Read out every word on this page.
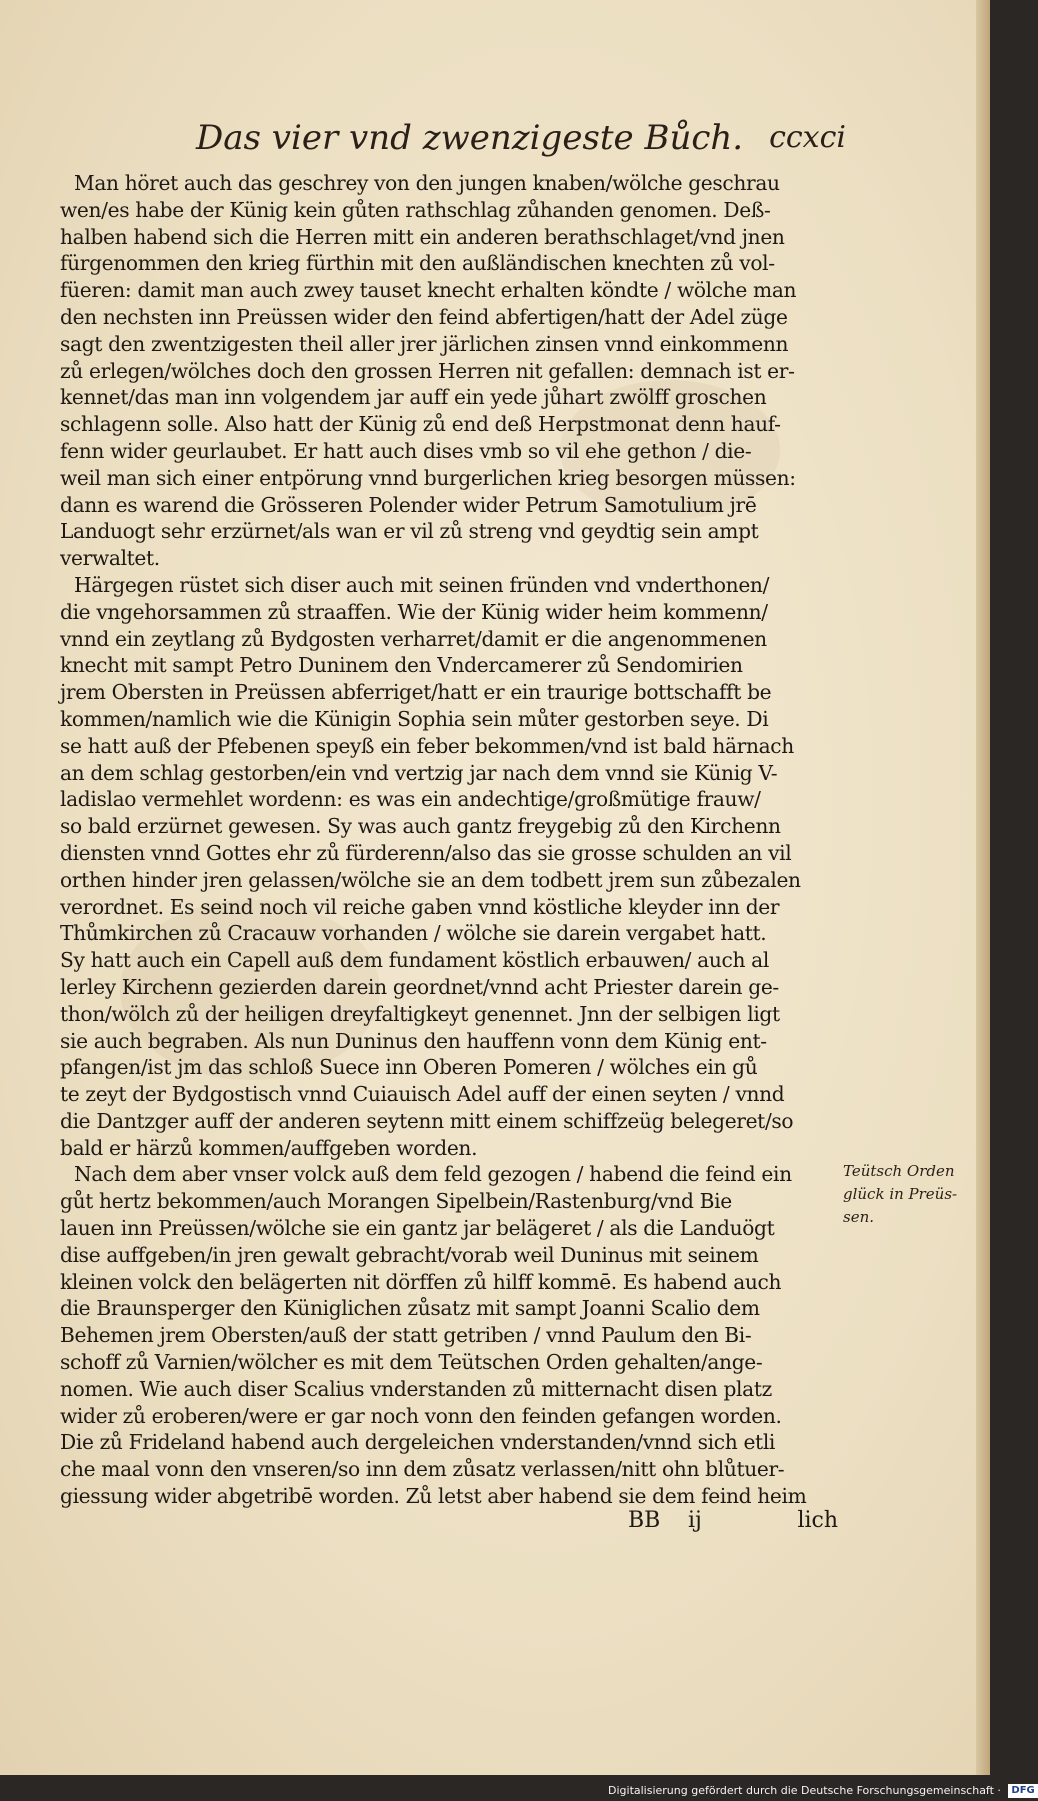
Das vier vnd zwenzigeste Bůch. ccxci
Man höret auch das geschrey von den jungen knaben/wölche geschrau
wen/es habe der Künig kein gůten rathschlag zůhanden genomen. Deß-
halben habend sich die Herren mitt ein anderen berathschlaget/vnd jnen
fürgenommen den krieg fürthin mit den außländischen knechten zů vol-
füeren: damit man auch zwey tauset knecht erhalten köndte / wölche man
den nechsten inn Preüssen wider den feind abfertigen/hatt der Adel züge
sagt den zwentzigesten theil aller jrer järlichen zinsen vnnd einkommenn
zů erlegen/wölches doch den grossen Herren nit gefallen: demnach ist er-
kennet/das man inn volgendem jar auff ein yede jůhart zwölff groschen
schlagenn solle. Also hatt der Künig zů end deß Herpstmonat denn hauf-
fenn wider geurlaubet. Er hatt auch dises vmb so vil ehe gethon / die-
weil man sich einer entpörung vnnd burgerlichen krieg besorgen müssen:
dann es warend die Grösseren Polender wider Petrum Samotulium jrē
Landuogt sehr erzürnet/als wan er vil zů streng vnd geydtig sein ampt
verwaltet.
Härgegen rüstet sich diser auch mit seinen fründen vnd vnderthonen/
die vngehorsammen zů straaffen. Wie der Künig wider heim kommenn/
vnnd ein zeytlang zů Bydgosten verharret/damit er die angenommenen
knecht mit sampt Petro Duninem den Vndercamerer zů Sendomirien
jrem Obersten in Preüssen abferriget/hatt er ein traurige bottschafft be
kommen/namlich wie die Künigin Sophia sein můter gestorben seye. Di
se hatt auß der Pfebenen speyß ein feber bekommen/vnd ist bald härnach
an dem schlag gestorben/ein vnd vertzig jar nach dem vnnd sie Künig V-
ladislao vermehlet wordenn: es was ein andechtige/großmütige frauw/
so bald erzürnet gewesen. Sy was auch gantz freygebig zů den Kirchenn
diensten vnnd Gottes ehr zů fürderenn/also das sie grosse schulden an vil
orthen hinder jren gelassen/wölche sie an dem todbett jrem sun zůbezalen
verordnet. Es seind noch vil reiche gaben vnnd köstliche kleyder inn der
Thůmkirchen zů Cracauw vorhanden / wölche sie darein vergabet hatt.
Sy hatt auch ein Capell auß dem fundament köstlich erbauwen/ auch al
lerley Kirchenn gezierden darein geordnet/vnnd acht Priester darein ge-
thon/wölch zů der heiligen dreyfaltigkeyt genennet. Jnn der selbigen ligt
sie auch begraben. Als nun Duninus den hauffenn vonn dem Künig ent-
pfangen/ist jm das schloß Suece inn Oberen Pomeren / wölches ein gů
te zeyt der Bydgostisch vnnd Cuiauisch Adel auff der einen seyten / vnnd
die Dantzger auff der anderen seytenn mitt einem schiffzeüg belegeret/so
bald er härzů kommen/auffgeben worden.
Nach dem aber vnser volck auß dem feld gezogen / habend die feind ein
gůt hertz bekommen/auch Morangen Sipelbein/Rastenburg/vnd Bie
lauen inn Preüssen/wölche sie ein gantz jar belägeret / als die Landuögt
dise auffgeben/in jren gewalt gebracht/vorab weil Duninus mit seinem
kleinen volck den belägerten nit dörffen zů hilff kommē. Es habend auch
die Braunsperger den Küniglichen zůsatz mit sampt Joanni Scalio dem
Behemen jrem Obersten/auß der statt getriben / vnnd Paulum den Bi-
schoff zů Varnien/wölcher es mit dem Teütschen Orden gehalten/ange-
nomen. Wie auch diser Scalius vnderstanden zů mitternacht disen platz
wider zů eroberen/were er gar noch vonn den feinden gefangen worden.
Die zů Frideland habend auch dergeleichen vnderstanden/vnnd sich etli
che maal vonn den vnseren/so inn dem zůsatz verlassen/nitt ohn blůtuer-
giessung wider abgetribē worden. Zů letst aber habend sie dem feind heim
Teütsch Orden
glück in Preüs-
sen.
BB ij	lich
Digitalisierung gefördert durch die Deutsche Forschungsgemeinschaft · DFG
